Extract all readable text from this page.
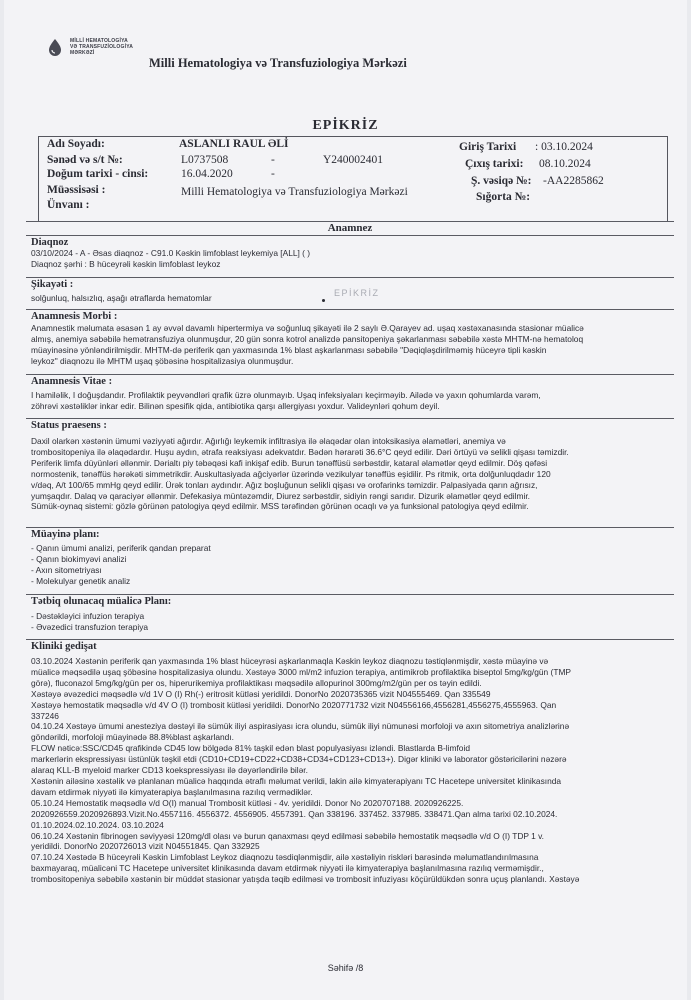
MİLLİ HEMATOLOGİYA
VƏ TRANSFUZİOLOGİYA
MƏRKƏZİ
Milli Hematologiya və Transfuziologiya Mərkəzi
EPİKRİZ
Adı Soyadı:	ASLANLI RAUL ƏLİ
Sənəd və s/t №:	L0737508	-	Y240002401
Doğum tarixi - cinsi:	16.04.2020	-
Müəssisəsi :	Milli Hematologiya və Transfuziologiya Mərkəzi
Ünvanı :
Giriş Tarixi : 03.10.2024
Çıxış tarixi: 08.10.2024
Ş. vəsiqə №: -AA2285862
Sığorta №:
Anamnez
Diaqnoz

03/10/2024 - A - Əsas diaqnoz - C91.0 Kəskin limfoblast leykemiya [ALL] ( )

Diaqnoz şərhi : B hüceyrəli kəskin limfoblast leykoz

Şikayəti :
EPİKRİZ

solğunluq, halsızlıq, aşağı ətraflarda hematomlar

Anamnesis Morbi :

Anamnestik məlumata əsasən 1 ay əvvəl davamlı hipertermiya və soğunluq şikayəti ilə 2 saylı Ə.Qarayev ad. uşaq xəstəxanasında stasionar müalicə

almış, anemiya səbəbilə hemətransfuziya olunmuşdur, 20 gün sonra kotrol analizdə pansitopeniya şəkarlanması səbəbilə xəstə MHTM-nə hematoloq

müayinəsinə yönləndirilmişdir. MHTM-də periferik qan yaxmasında 1% blast aşkarlanması səbəbilə "Dəqiqləşdirilməmiş hüceyrə tipli kəskin

leykoz" diaqnozu ilə MHTM uşaq şöbəsinə hospitalizasiya olunmuşdur.

Anamnesis Vitae :

I hamiləlik, I doğuşdandır. Profilaktik peyvəndləri qrafik üzrə olunmayıb. Uşaq infeksiyaları keçirməyib. Ailədə və yaxın qohumlarda varəm,

zöhrəvi xəstəliklər inkar edir. Bilinən spesifik qida, antibiotika qarşı allergiyası yoxdur. Valideynləri qohum deyil.

Status praesens :

Daxil olarkən xəstənin ümumi vəziyyəti ağırdır. Ağırlığı leykemik infiltrasiya ilə əlaqədar olan intoksikasiya əlamətləri, anemiya və

trombositopeniya ilə əlaqədardır. Huşu aydın, ətrafa reaksiyası adekvatdır. Bədən hərarəti 36.6°C qeyd edilir. Dəri örtüyü və selikli qişası təmizdir.

Periferik limfa düyünləri əllənmir. Dərialtı piy təbəqəsi kafi inkişaf edib. Burun tənəffüsü sərbəstdir, kataral əlamətlər qeyd edilmir. Döş qəfəsi

normostenik, tənəffüs hərəkəti simmetrikdir. Auskultasiyada ağciyərlər üzərində vezikulyar tənəffüs eşidilir. Ps ritmik, orta dolğunluqdadır 120

v/dəq, A/t 100/65 mmHg qeyd edilir. Ürək tonları aydındır. Ağız boşluğunun selikli qişası və orofarinks təmizdir. Palpasiyada qarın ağrısız,

yumşaqdır. Dalaq və qaraciyər əllənmir. Defekasiya müntəzəmdir, Diurez sərbəstdir, sidiyin rəngi sarıdır. Dizurik əlamətlər qeyd edilmir.

Sümük-oynaq sistemi: gözlə görünən patologiya qeyd edilmir. MSS tərəfindən görünən ocaqlı və ya funksional patologiya qeyd edilmir.

Müayinə planı:

- Qanın ümumi analizi, periferik qandan preparat

- Qanın biokimyəvi analizi

- Axın sitometriyası

- Molekulyar genetik analiz

Tətbiq olunacaq müalicə Planı:

- Dəstəkləyici infuzion terapiya

- Əvəzedici transfuzion terapiya

Kliniki gedişat

03.10.2024 Xəstənin periferik qan yaxmasında 1% blast hüceyrəsi aşkarlanmaqla Kəskin leykoz diaqnozu təstiqlənmişdir, xəstə müayinə və

müalicə məqsədilə uşaq şöbəsinə hospitalizasiya olundu. Xəstəyə 3000 ml/m2 infuzion terapiya, antimikrob profilaktika biseptol 5mg/kg/gün (TMP

görə), fluconazol 5mg/kg/gün per os, hiperurikemiya profilaktikası məqsədilə allopurinol 300mg/m2/gün per os təyin edildi.

Xəstəyə əvəzedici məqsədlə v/d 1V O (I) Rh(-) eritrosit kütləsi yeridildi. DonorNo 2020735365 vizit N04555469. Qan 335549

Xəstəyə hemostatik məqsədlə v/d 4V O (I) trombosit kütləsi yeridildi. DonorNo 2020771732 vizit N04556166,4556281,4556275,4555963. Qan

337246

04.10.24 Xəstəyə ümumi anesteziya dəstəyi ilə sümük iliyi aspirasiyası icra olundu, sümük iliyi nümunəsi morfoloji və axın sitometriya analizlərinə

göndərildi, morfoloji müayinədə 88.8%blast aşkarlandı.

FLOW nəticə:SSC/CD45 qrafikində CD45 low bölgədə 81% taşkil edən blast populyasiyası izləndi. Blastlarda B-limfoid

markerlərin ekspressiyası üstünlük təşkil etdi (CD10+CD19+CD22+CD38+CD34+CD123+CD13+). Digər kliniki və laborator göstəricilərini nəzərə

alaraq KLL-B myeloid marker CD13 koekspressiyası ilə dəyərləndirilə bilər.

Xəstənin ailəsinə xəstəlik və planlanan müalicə haqqında ətraflı məlumat verildi, lakin ailə kimyaterapiyanı TC Hacetepe universitet klinikasında

davam etdirmək niyyəti ilə kimyaterapiya başlanılmasına razılıq vermədiklər.

05.10.24 Hemostatik məqsədlə v/d O(I) manual Trombosit kütləsi - 4v. yeridildi. Donor No 2020707188. 2020926225.

2020926559.2020926893.Vizit.No.4557116. 4556372. 4556905. 4557391. Qan 338196. 337452. 337985. 338471.Qan alma tarixi 02.10.2024.

01.10.2024.02.10.2024. 03.10.2024

06.10.24 Xəstənin fibrinogen səviyyəsi 120mg/dl olası və burun qanaxması qeyd edilməsi səbəbilə hemostatik məqsədlə v/d O (I) TDP 1 v.

yeridildi. DonorNo 2020726013 vizit N04551845. Qan 332925

07.10.24 Xəstədə B hüceyrəli Kəskin Limfoblast Leykoz diaqnozu təsdiqlənmişdir, ailə xəstəliyin riskləri barəsində məlumatlandırılmasına

baxmayaraq, müalicəni TC Hacetepe universitet klinikasında davam etdirmək niyyəti ilə kimyaterapiya başlanılmasına razılıq verməmişdir.,

trombositopeniya səbəbilə xəstənin bir müddət stasionar yatışda təqib edilməsi və trombosit infuziyası köçürüldükdən sonra uçuş planlandı. Xəstəyə

Səhifə /8
